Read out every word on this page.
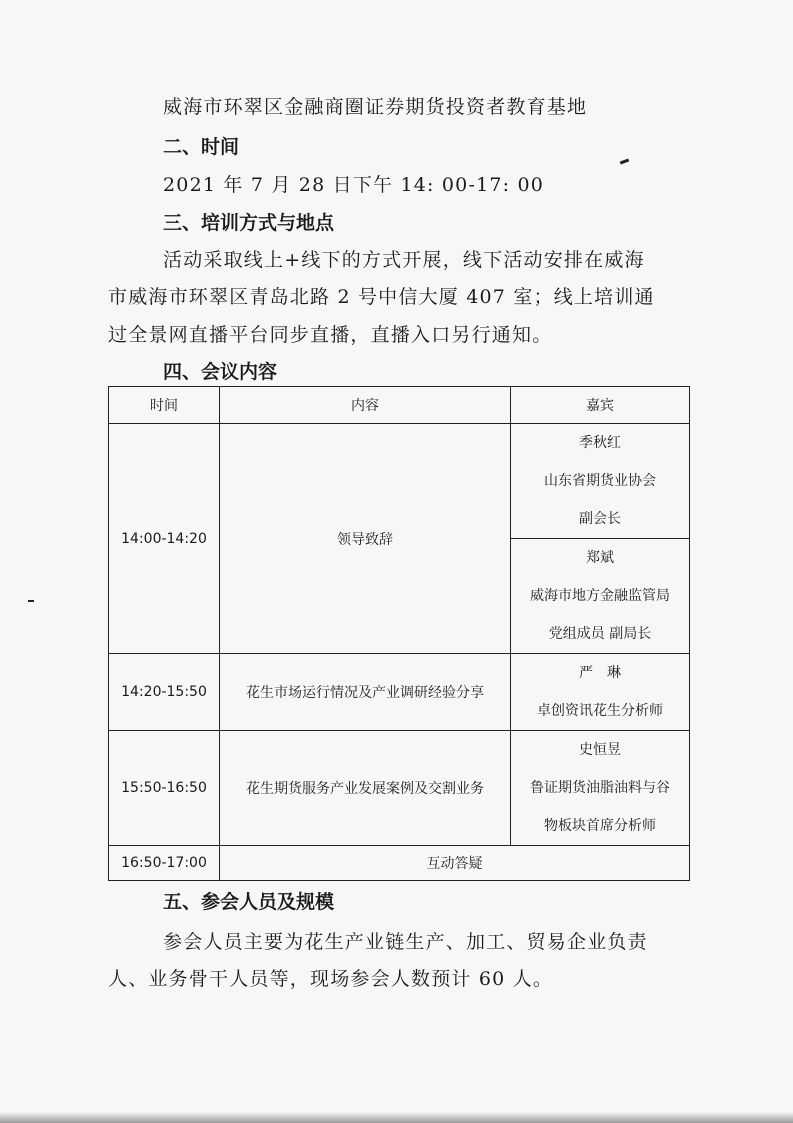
威海市环翠区金融商圈证券期货投资者教育基地
二、时间
2021 年 7 月 28 日下午 14: 00-17: 00
三、培训方式与地点
活动采取线上+线下的方式开展，线下活动安排在威海
市威海市环翠区青岛北路 2 号中信大厦 407 室；线上培训通
过全景网直播平台同步直播，直播入口另行通知。
四、会议内容
时间	内容	嘉宾
14:00-14:20	领导致辞	季秋红
山东省期货业协会
副会长

		郑斌
威海市地方金融监管局
党组成员 副局长

14:20-15:50	花生市场运行情况及产业调研经验分享	严　琳
卓创资讯花生分析师

15:50-16:50	花生期货服务产业发展案例及交割业务	史恒昱
鲁证期货油脂油料与谷
物板块首席分析师

16:50-17:00	互动答疑	
五、参会人员及规模
参会人员主要为花生产业链生产、加工、贸易企业负责
人、业务骨干人员等，现场参会人数预计 60 人。
